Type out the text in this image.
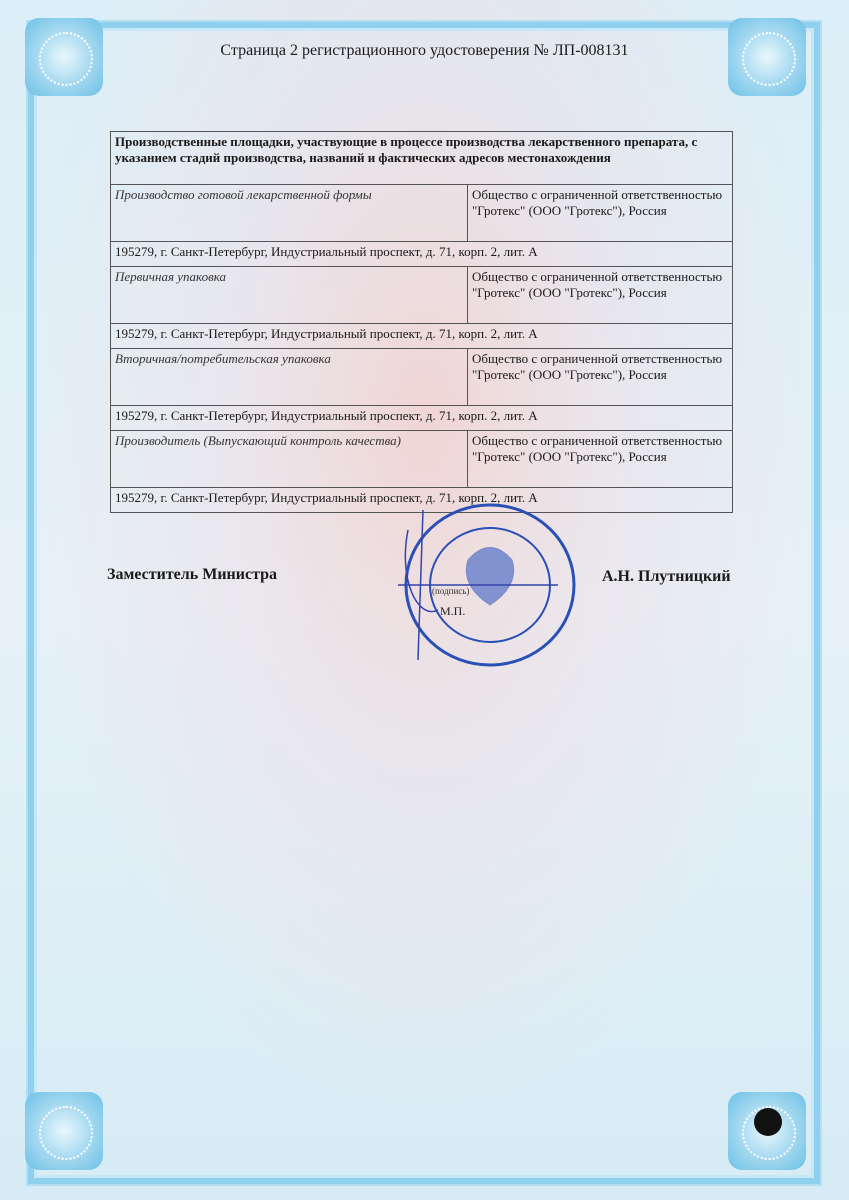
Страница 2 регистрационного удостоверения № ЛП-008131
Производственные площадки, участвующие в процессе производства лекарственного препарата, с указанием стадий производства, названий и фактических адресов местонахождения	
Производство готовой лекарственной формы	Общество с ограниченной ответственностью "Гротекс" (ООО "Гротекс"), Россия
195279, г. Санкт-Петербург, Индустриальный проспект, д. 71, корп. 2, лит. А	
Первичная упаковка	Общество с ограниченной ответственностью "Гротекс" (ООО "Гротекс"), Россия
195279, г. Санкт-Петербург, Индустриальный проспект, д. 71, корп. 2, лит. А	
Вторичная/потребительская упаковка	Общество с ограниченной ответственностью "Гротекс" (ООО "Гротекс"), Россия
195279, г. Санкт-Петербург, Индустриальный проспект, д. 71, корп. 2, лит. А	
Производитель (Выпускающий контроль качества)	Общество с ограниченной ответственностью "Гротекс" (ООО "Гротекс"), Россия
195279, г. Санкт-Петербург, Индустриальный проспект, д. 71, корп. 2, лит. А	
Заместитель Министра	А.Н. Плутницкий
(подпись)
М.П.
